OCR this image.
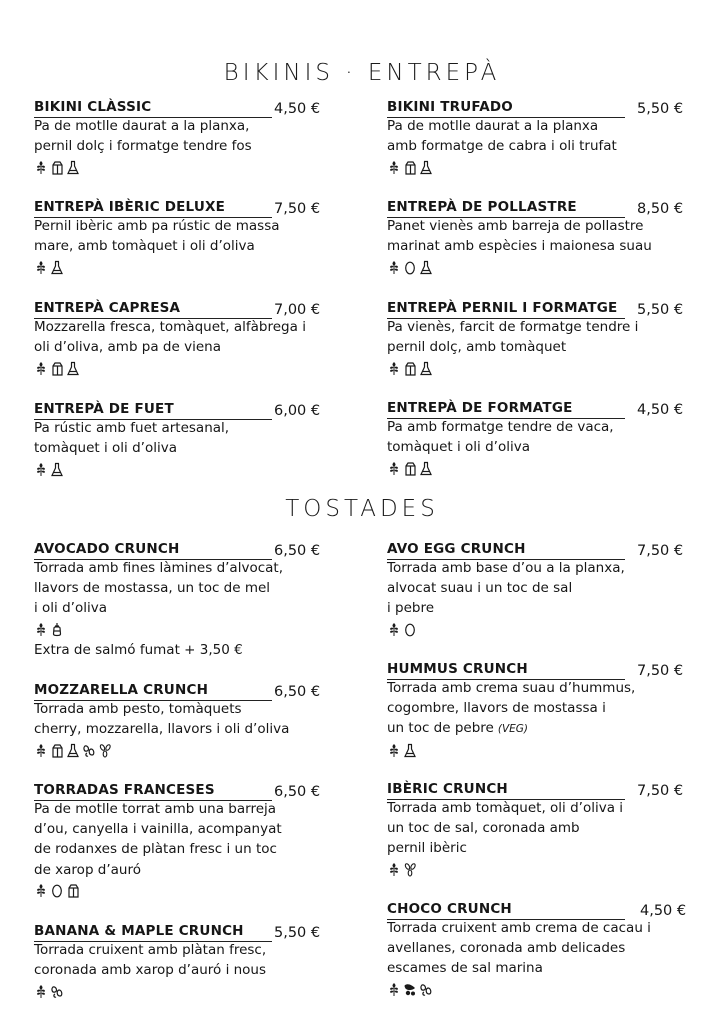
BIKINIS · ENTREPÀ
TOSTADES
BIKINI CLÀSSIC	4,50 €
Pa de motlle daurat a la planxa,
pernil dolç i formatge tendre fos
BIKINI TRUFADO	5,50 €
Pa de motlle daurat a la planxa
amb formatge de cabra i oli trufat
ENTREPÀ IBÈRIC DELUXE	7,50 €
Pernil ibèric amb pa rústic de massa
mare, amb tomàquet i oli d’oliva
ENTREPÀ DE POLLASTRE	8,50 €
Panet vienès amb barreja de pollastre
marinat amb espècies i maionesa suau
ENTREPÀ CAPRESA	7,00 €
Mozzarella fresca, tomàquet, alfàbrega i
oli d’oliva, amb pa de viena
ENTREPÀ PERNIL I FORMATGE	5,50 €
Pa vienès, farcit de formatge tendre i
pernil dolç, amb tomàquet
ENTREPÀ DE FUET	6,00 €
Pa rústic amb fuet artesanal,
tomàquet i oli d’oliva
ENTREPÀ DE FORMATGE	4,50 €
Pa amb formatge tendre de vaca,
tomàquet i oli d’oliva
AVOCADO CRUNCH	6,50 €
Torrada amb fines làmines d’alvocat,
llavors de mostassa, un toc de mel
i oli d’oliva
Extra de salmó fumat + 3,50 €
AVO EGG CRUNCH	7,50 €
Torrada amb base d’ou a la planxa,
alvocat suau i un toc de sal
i pebre
MOZZARELLA CRUNCH	6,50 €
Torrada amb pesto, tomàquets
cherry, mozzarella, llavors i oli d’oliva
HUMMUS CRUNCH	7,50 €
Torrada amb crema suau d’hummus,
cogombre, llavors de mostassa i
un toc de pebre (VEG)
TORRADAS FRANCESES	6,50 €
Pa de motlle torrat amb una barreja
d’ou, canyella i vainilla, acompanyat
de rodanxes de plàtan fresc i un toc
de xarop d’auró
IBÈRIC CRUNCH	7,50 €
Torrada amb tomàquet, oli d’oliva i
un toc de sal, coronada amb
pernil ibèric
BANANA & MAPLE CRUNCH	5,50 €
Torrada cruixent amb plàtan fresc,
coronada amb xarop d’auró i nous
CHOCO CRUNCH	4,50 €
Torrada cruixent amb crema de cacau i
avellanes, coronada amb delicades
escames de sal marina
